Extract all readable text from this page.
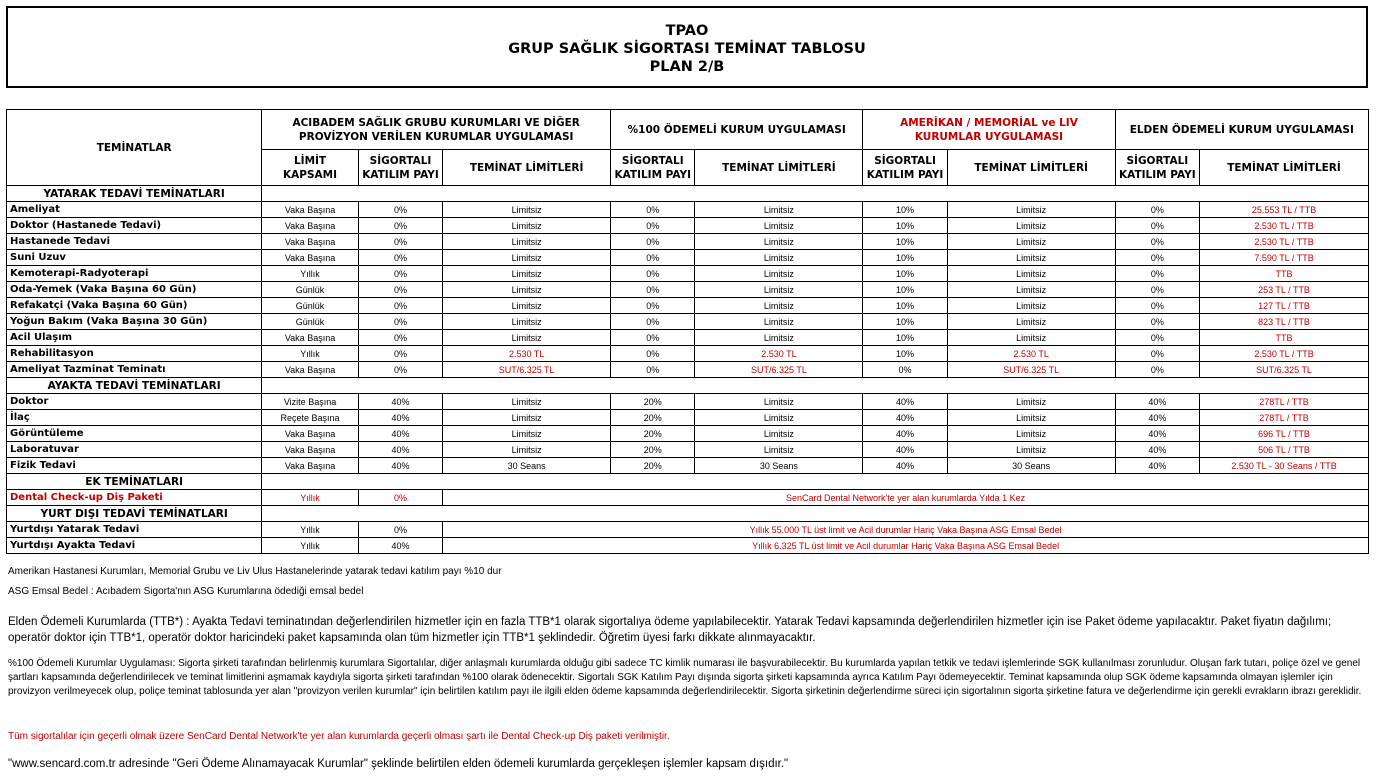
TPAO
GRUP SAĞLIK SİGORTASI TEMİNAT TABLOSU
PLAN 2/B
TEMİNATLAR	ACIBADEM SAĞLIK GRUBU KURUMLARI VE DİĞER PROVİZYON VERİLEN KURUMLAR UYGULAMASI			%100 ÖDEMELİ KURUM UYGULAMASI		AMERİKAN / MEMORİAL ve LIV KURUMLAR UYGULAMASI		ELDEN ÖDEMELİ KURUM UYGULAMASI	
	LİMİT KAPSAMI	SİGORTALI KATILIM PAYI	TEMİNAT LİMİTLERİ	SİGORTALI KATILIM PAYI	TEMİNAT LİMİTLERİ	SİGORTALI KATILIM PAYI	TEMİNAT LİMİTLERİ	SİGORTALI KATILIM PAYI	TEMİNAT LİMİTLERİ
YATARAK TEDAVİ TEMİNATLARI									
Ameliyat	Vaka Başına	0%	Limitsiz	0%	Limitsiz	10%	Limitsiz	0%	25.553 TL / TTB
Doktor (Hastanede Tedavi)	Vaka Başına	0%	Limitsiz	0%	Limitsiz	10%	Limitsiz	0%	2.530 TL / TTB
Hastanede Tedavi	Vaka Başına	0%	Limitsiz	0%	Limitsiz	10%	Limitsiz	0%	2.530 TL / TTB
Suni Uzuv	Vaka Başına	0%	Limitsiz	0%	Limitsiz	10%	Limitsiz	0%	7.590 TL / TTB
Kemoterapi-Radyoterapi	Yıllık	0%	Limitsiz	0%	Limitsiz	10%	Limitsiz	0%	TTB
Oda-Yemek (Vaka Başına 60 Gün)	Günlük	0%	Limitsiz	0%	Limitsiz	10%	Limitsiz	0%	253 TL / TTB
Refakatçi (Vaka Başına 60 Gün)	Günlük	0%	Limitsiz	0%	Limitsiz	10%	Limitsiz	0%	127 TL / TTB
Yoğun Bakım (Vaka Başına 30 Gün)	Günlük	0%	Limitsiz	0%	Limitsiz	10%	Limitsiz	0%	823 TL / TTB
Acil Ulaşım	Vaka Başına	0%	Limitsiz	0%	Limitsiz	10%	Limitsiz	0%	TTB
Rehabilitasyon	Yıllık	0%	2.530 TL	0%	2.530 TL	10%	2.530 TL	0%	2.530 TL / TTB
Ameliyat Tazminat Teminatı	Vaka Başına	0%	SUT/6.325 TL	0%	SUT/6.325 TL	0%	SUT/6.325 TL	0%	SUT/6.325 TL
AYAKTA TEDAVİ TEMİNATLARI									
Doktor	Vizite Başına	40%	Limitsiz	20%	Limitsiz	40%	Limitsiz	40%	278TL / TTB
İlaç	Reçete Başına	40%	Limitsiz	20%	Limitsiz	40%	Limitsiz	40%	278TL / TTB
Görüntüleme	Vaka Başına	40%	Limitsiz	20%	Limitsiz	40%	Limitsiz	40%	696 TL / TTB
Laboratuvar	Vaka Başına	40%	Limitsiz	20%	Limitsiz	40%	Limitsiz	40%	506 TL / TTB
Fizik Tedavi	Vaka Başına	40%	30 Seans	20%	30 Seans	40%	30 Seans	40%	2.530 TL - 30 Seans / TTB
EK TEMİNATLARI									
Dental Check-up Diş Paketi	Yıllık	0%	SenCard Dental Network'te yer alan kurumlarda Yılda 1 Kez						
YURT DIŞI TEDAVİ TEMİNATLARI									
Yurtdışı Yatarak Tedavi	Yıllık	0%	Yıllık 55.000 TL üst limit ve Acil durumlar Hariç Vaka Başına ASG Emsal Bedel						
Yurtdışı Ayakta Tedavi	Yıllık	40%	Yıllık 6.325 TL üst limit ve Acil durumlar Hariç Vaka Başına ASG Emsal Bedel						
Amerikan Hastanesi Kurumları, Memorial Grubu ve Liv Ulus Hastanelerinde yatarak tedavi katılım payı %10 dur
ASG Emsal Bedel : Acıbadem Sigorta'nın ASG Kurumlarına ödediği emsal bedel
Elden Ödemeli Kurumlarda (TTB*) : Ayakta Tedavi teminatından değerlendirilen hizmetler için en fazla TTB*1 olarak sigortalıya ödeme yapılabilecektir. Yatarak Tedavi kapsamında değerlendirilen hizmetler için ise Paket ödeme yapılacaktır. Paket fiyatın dağılımı; operatör doktor için TTB*1, operatör doktor haricindeki paket kapsamında olan tüm hizmetler için TTB*1 şeklindedir. Öğretim üyesi farkı dikkate alınmayacaktır.
%100 Ödemeli Kurumlar Uygulaması: Sigorta şirketi tarafından belirlenmiş kurumlara Sigortalılar, diğer anlaşmalı kurumlarda olduğu gibi sadece TC kimlik numarası ile başvurabilecektir. Bu kurumlarda yapılan tetkik ve tedavi işlemlerinde SGK kullanılması zorunludur. Oluşan fark tutarı, poliçe özel ve genel şartları kapsamında değerlendirilecek ve teminat limitlerini aşmamak kaydıyla sigorta şirketi tarafından %100 olarak ödenecektir. Sigortalı SGK Katılım Payı dışında sigorta şirketi kapsamında ayrıca Katılım Payı ödemeyecektir. Teminat kapsamında olup SGK ödeme kapsamında olmayan işlemler için provizyon verilmeyecek olup, poliçe teminat tablosunda yer alan "provizyon verilen kurumlar" için belirtilen katılım payı ile ilgili elden ödeme kapsamında değerlendirilecektir. Sigorta şirketinin değerlendirme süreci için sigortalının sigorta şirketine fatura ve değerlendirme için gerekli evrakların ibrazı gereklidir.
Tüm sigortalılar için geçerli olmak üzere SenCard Dental Network'te yer alan kurumlarda geçerli olması şartı ile Dental Check-up Diş paketi verilmiştir.
"www.sencard.com.tr adresinde "Geri Ödeme Alınamayacak Kurumlar" şeklinde belirtilen elden ödemeli kurumlarda gerçekleşen işlemler kapsam dışıdır."
